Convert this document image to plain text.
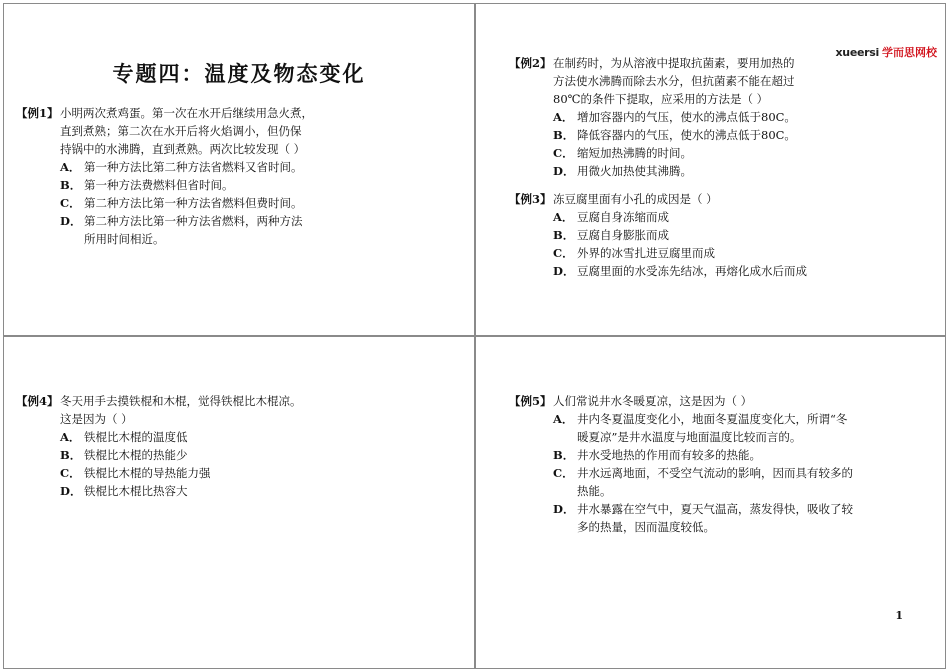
专题四：温度及物态变化
【例1】 小明两次煮鸡蛋。第一次在水开后继续用急火煮，
直到煮熟；第二次在水开后将火焰调小，但仍保
持锅中的水沸腾，直到煮熟。两次比较发现（ ）
A． 第一种方法比第二种方法省燃料又省时间。
B． 第一种方法费燃料但省时间。
C． 第二种方法比第一种方法省燃料但费时间。
D． 第二种方法比第一种方法省燃料，两种方法
所用时间相近。
xueersi 学而思网校
【例2】 在制药时，为从溶液中提取抗菌素，要用加热的
方法使水沸腾而除去水分，但抗菌素不能在超过
80℃的条件下提取，应采用的方法是（ ）
A． 增加容器内的气压，使水的沸点低于80C。
B． 降低容器内的气压，使水的沸点低于80C。
C． 缩短加热沸腾的时间。
D． 用微火加热使其沸腾。
【例3】 冻豆腐里面有小孔的成因是（ ）
A． 豆腐自身冻缩而成
B． 豆腐自身膨胀而成
C． 外界的冰雪扎进豆腐里而成
D． 豆腐里面的水受冻先结冰，再熔化成水后而成
【例4】 冬天用手去摸铁棍和木棍，觉得铁棍比木棍凉。
这是因为（ ）
A． 铁棍比木棍的温度低
B． 铁棍比木棍的热能少
C． 铁棍比木棍的导热能力强
D． 铁棍比木棍比热容大
【例5】 人们常说井水冬暖夏凉，这是因为（ ）
A． 井内冬夏温度变化小，地面冬夏温度变化大，所谓“冬
暖夏凉”是井水温度与地面温度比较而言的。
B． 井水受地热的作用而有较多的热能。
C． 井水远离地面，不受空气流动的影响，因而具有较多的
热能。
D． 井水暴露在空气中，夏天气温高，蒸发得快，吸收了较
多的热量，因而温度较低。
1
